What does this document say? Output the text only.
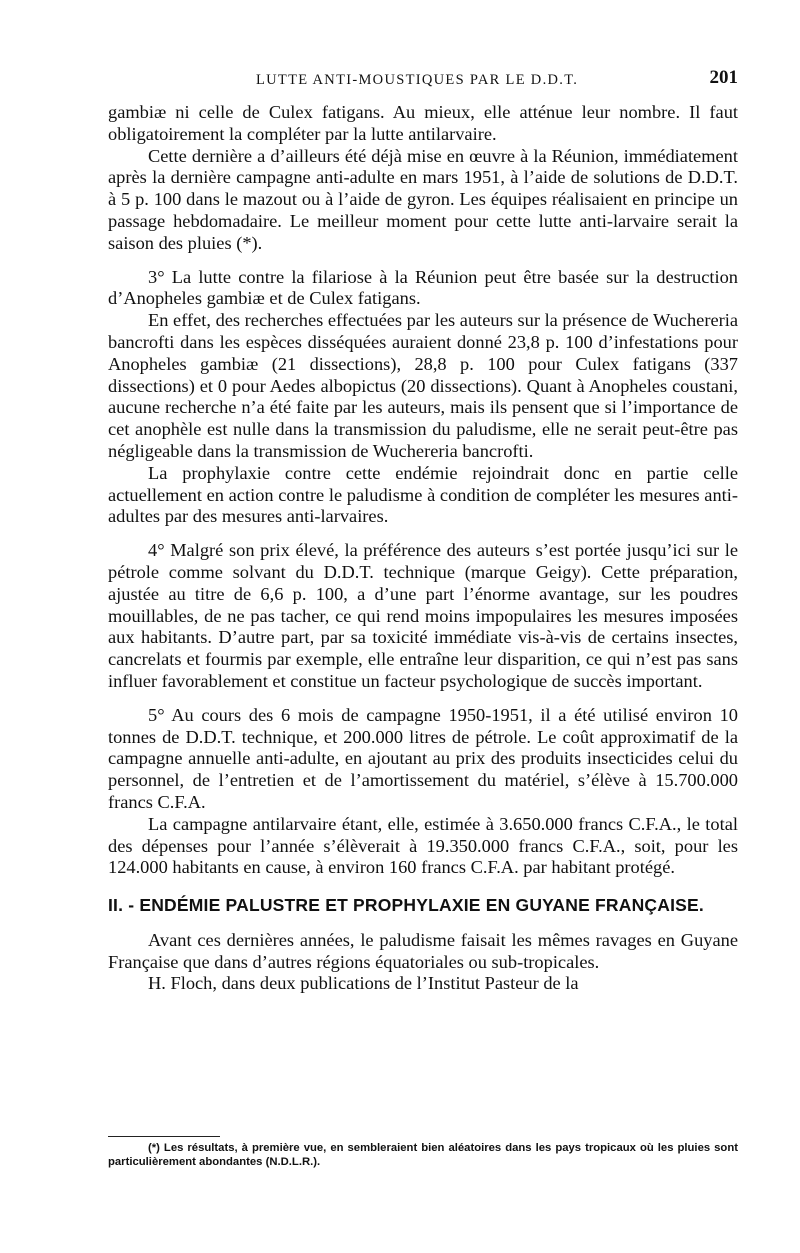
LUTTE ANTI-MOUSTIQUES PAR LE D.D.T.	201

gambiæ ni celle de Culex fatigans. Au mieux, elle atténue leur nombre. Il faut obligatoirement la compléter par la lutte antilarvaire.

Cette dernière a d’ailleurs été déjà mise en œuvre à la Réunion, immédiatement après la dernière campagne anti-adulte en mars 1951, à l’aide de solutions de D.D.T. à 5 p. 100 dans le mazout ou à l’aide de gyron. Les équipes réalisaient en principe un passage hebdomadaire. Le meilleur moment pour cette lutte anti-larvaire serait la saison des pluies (*).

3° La lutte contre la filariose à la Réunion peut être basée sur la destruction d’Anopheles gambiæ et de Culex fatigans.

En effet, des recherches effectuées par les auteurs sur la présence de Wuchereria bancrofti dans les espèces disséquées auraient donné 23,8 p. 100 d’infestations pour Anopheles gambiæ (21 dissections), 28,8 p. 100 pour Culex fatigans (337 dissections) et 0 pour Aedes albopictus (20 dissections). Quant à Anopheles coustani, aucune recherche n’a été faite par les auteurs, mais ils pensent que si l’importance de cet anophèle est nulle dans la transmission du paludisme, elle ne serait peut-être pas négligeable dans la transmission de Wuchereria bancrofti.

La prophylaxie contre cette endémie rejoindrait donc en partie celle actuellement en action contre le paludisme à condition de compléter les mesures anti-adultes par des mesures anti-larvaires.

4° Malgré son prix élevé, la préférence des auteurs s’est portée jusqu’ici sur le pétrole comme solvant du D.D.T. technique (marque Geigy). Cette préparation, ajustée au titre de 6,6 p. 100, a d’une part l’énorme avantage, sur les poudres mouillables, de ne pas tacher, ce qui rend moins impopulaires les mesures imposées aux habitants. D’autre part, par sa toxicité immédiate vis-à-vis de certains insectes, cancrelats et fourmis par exemple, elle entraîne leur disparition, ce qui n’est pas sans influer favorablement et constitue un facteur psychologique de succès important.

5° Au cours des 6 mois de campagne 1950-1951, il a été utilisé environ 10 tonnes de D.D.T. technique, et 200.000 litres de pétrole. Le coût approximatif de la campagne annuelle anti-adulte, en ajoutant au prix des produits insecticides celui du personnel, de l’entretien et de l’amortissement du matériel, s’élève à 15.700.000 francs C.F.A.

La campagne antilarvaire étant, elle, estimée à 3.650.000 francs C.F.A., le total des dépenses pour l’année s’élèverait à 19.350.000 francs C.F.A., soit, pour les 124.000 habitants en cause, à environ 160 francs C.F.A. par habitant protégé.

II. - ENDÉMIE PALUSTRE ET PROPHYLAXIE EN GUYANE FRANÇAISE.

Avant ces dernières années, le paludisme faisait les mêmes ravages en Guyane Française que dans d’autres régions équatoriales ou sub-tropicales.

H. Floch, dans deux publications de l’Institut Pasteur de la

(*) Les résultats, à première vue, en sembleraient bien aléatoires dans les pays tropicaux où les pluies sont particulièrement abondantes (N.D.L.R.).
